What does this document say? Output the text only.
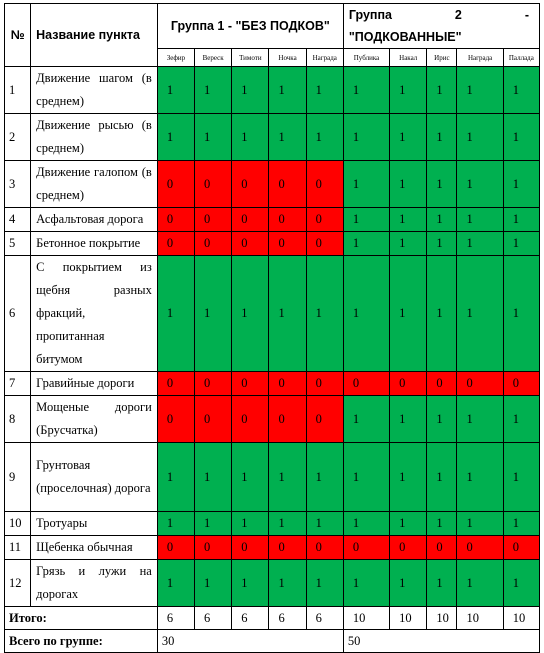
№	Название пункта	Группа 1 - "БЕЗ ПОДКОВ"					Группа 2 -
"ПОДКОВАННЫЕ"				

		Зефир	Вереск	Тимоти	Ночка	Награда	Публика	Накал	Ирис	Награда	Паллада
1	Движение шагом (в среднем)	1	1	1	1	1	1	1	1	1	1
2	Движение рысью (в среднем)	1	1	1	1	1	1	1	1	1	1
3	Движение галопом (в среднем)	0	0	0	0	0	1	1	1	1	1
4	Асфальтовая дорога	0	0	0	0	0	1	1	1	1	1
5	Бетонное покрытие	0	0	0	0	0	1	1	1	1	1
6	С покрытием из щебня разных фракций, пропитанная битумом	1	1	1	1	1	1	1	1	1	1
7	Гравийные дороги	0	0	0	0	0	0	0	0	0	0
8	Мощеные дороги (Брусчатка)	0	0	0	0	0	1	1	1	1	1
9	Грунтовая (проселочная) дорога	1	1	1	1	1	1	1	1	1	1
10	Тротуары	1	1	1	1	1	1	1	1	1	1
11	Щебенка обычная	0	0	0	0	0	0	0	0	0	0
12	Грязь и лужи на дорогах	1	1	1	1	1	1	1	1	1	1
Итого:		6	6	6	6	6	10	10	10	10	10
Всего по группе:		30					50				
